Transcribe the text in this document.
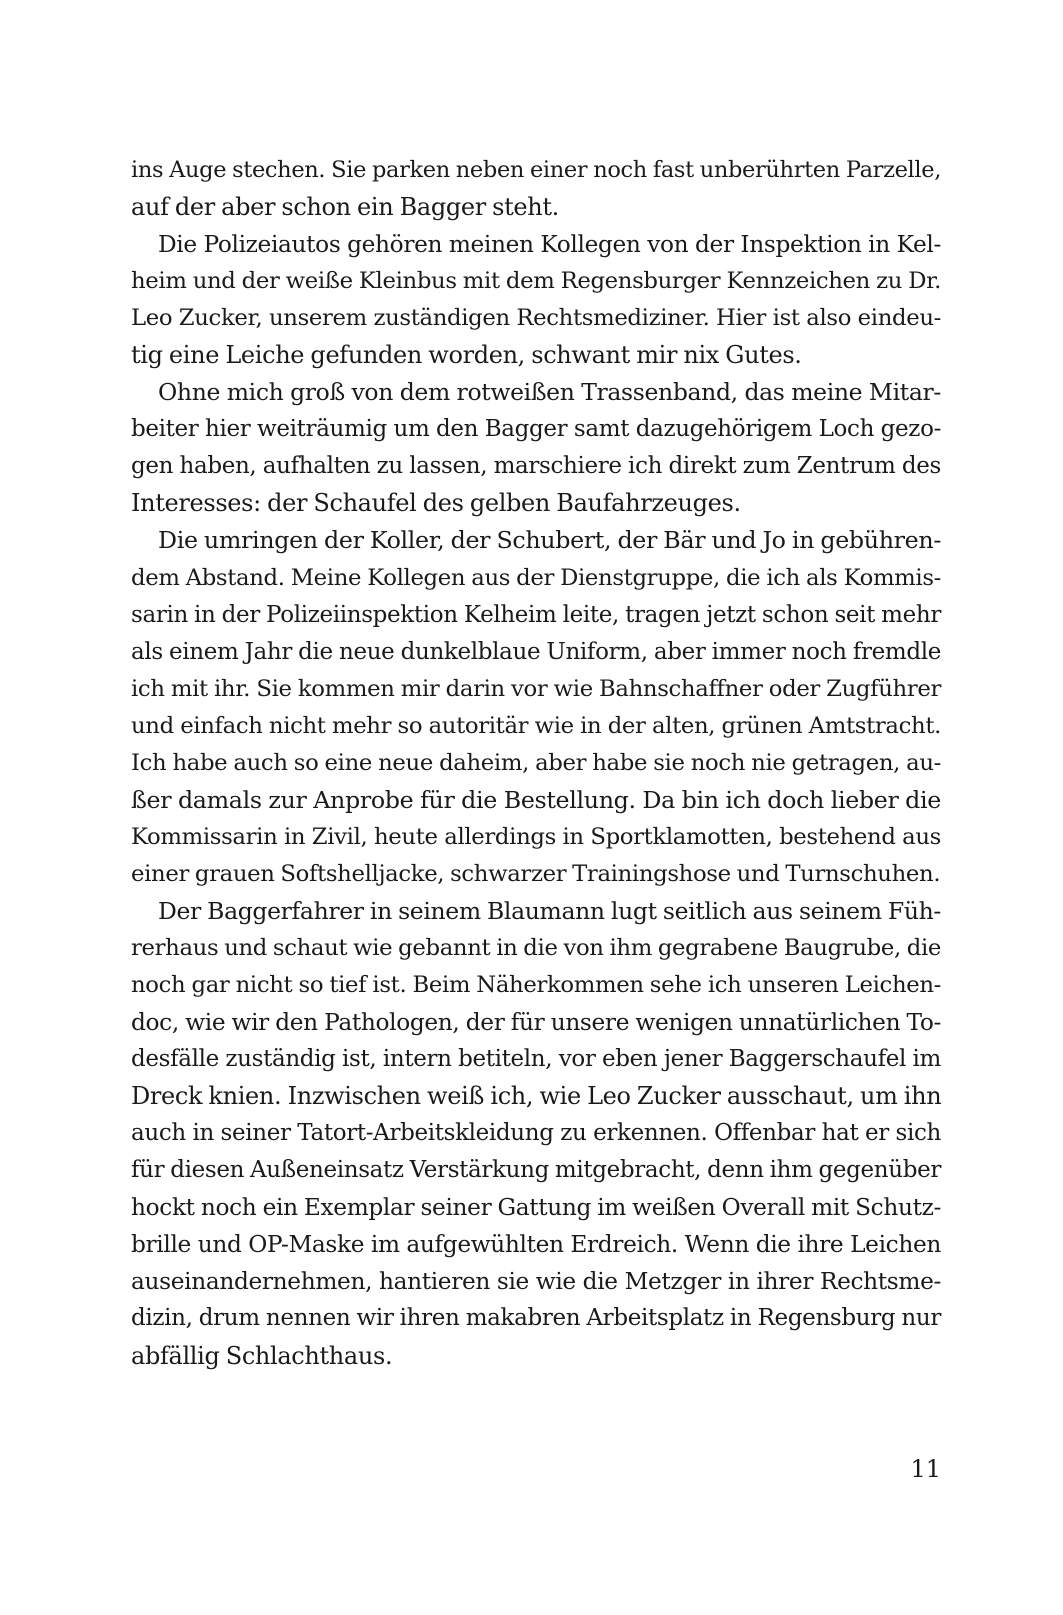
ins Auge stechen. Sie parken neben einer noch fast unberührten Parzelle,
auf der aber schon ein Bagger steht.
Die Polizeiautos gehören meinen Kollegen von der Inspektion in Kel-
heim und der weiße Kleinbus mit dem Regensburger Kennzeichen zu Dr.
Leo Zucker, unserem zuständigen Rechtsmediziner. Hier ist also eindeu-
tig eine Leiche gefunden worden, schwant mir nix Gutes.
Ohne mich groß von dem rotweißen Trassenband, das meine Mitar-
beiter hier weiträumig um den Bagger samt dazugehörigem Loch gezo-
gen haben, aufhalten zu lassen, marschiere ich direkt zum Zentrum des
Interesses: der Schaufel des gelben Baufahrzeuges.
Die umringen der Koller, der Schubert, der Bär und Jo in gebühren-
dem Abstand. Meine Kollegen aus der Dienstgruppe, die ich als Kommis-
sarin in der Polizeiinspektion Kelheim leite, tragen jetzt schon seit mehr
als einem Jahr die neue dunkelblaue Uniform, aber immer noch fremdle
ich mit ihr. Sie kommen mir darin vor wie Bahnschaffner oder Zugführer
und einfach nicht mehr so autoritär wie in der alten, grünen Amtstracht.
Ich habe auch so eine neue daheim, aber habe sie noch nie getragen, au-
ßer damals zur Anprobe für die Bestellung. Da bin ich doch lieber die
Kommissarin in Zivil, heute allerdings in Sportklamotten, bestehend aus
einer grauen Softshelljacke, schwarzer Trainingshose und Turnschuhen.
Der Baggerfahrer in seinem Blaumann lugt seitlich aus seinem Füh-
rerhaus und schaut wie gebannt in die von ihm gegrabene Baugrube, die
noch gar nicht so tief ist. Beim Näherkommen sehe ich unseren Leichen-
doc, wie wir den Pathologen, der für unsere wenigen unnatürlichen To-
desfälle zuständig ist, intern betiteln, vor eben jener Baggerschaufel im
Dreck knien. Inzwischen weiß ich, wie Leo Zucker ausschaut, um ihn
auch in seiner Tatort-Arbeitskleidung zu erkennen. Offenbar hat er sich
für diesen Außeneinsatz Verstärkung mitgebracht, denn ihm gegenüber
hockt noch ein Exemplar seiner Gattung im weißen Overall mit Schutz-
brille und OP-Maske im aufgewühlten Erdreich. Wenn die ihre Leichen
auseinandernehmen, hantieren sie wie die Metzger in ihrer Rechtsme-
dizin, drum nennen wir ihren makabren Arbeitsplatz in Regensburg nur
abfällig Schlachthaus.
11
